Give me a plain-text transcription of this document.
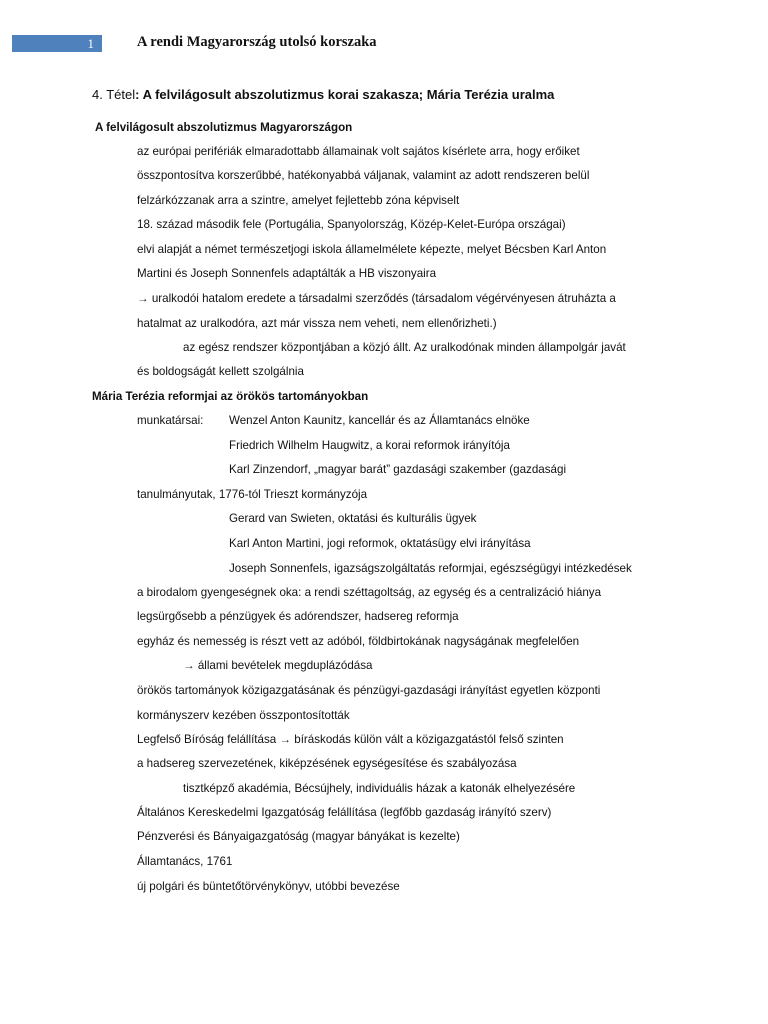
1	A rendi Magyarország utolsó korszaka
4. Tétel: A felvilágosult abszolutizmus korai szakasza; Mária Terézia uralma
A felvilágosult abszolutizmus Magyarországon
az európai perifériák elmaradottabb államainak volt sajátos kísérlete arra, hogy erőiket
összpontosítva korszerűbbé, hatékonyabbá váljanak, valamint az adott rendszeren belül
felzárkózzanak arra a szintre, amelyet fejlettebb zóna képviselt
18. század második fele (Portugália, Spanyolország, Közép-Kelet-Európa országai)
elvi alapját a német természetjogi iskola államelmélete képezte, melyet Bécsben Karl Anton
Martini és Joseph Sonnenfels adaptálták a HB viszonyaira
→ uralkodói hatalom eredete a társadalmi szerződés (társadalom végérvényesen átruházta a
hatalmat az uralkodóra, azt már vissza nem veheti, nem ellenőrizheti.)
az egész rendszer központjában a közjó állt. Az uralkodónak minden állampolgár javát
és boldogságát kellett szolgálnia
Mária Terézia reformjai az örökös tartományokban
munkatársai: Wenzel Anton Kaunitz, kancellár és az Államtanács elnöke
Friedrich Wilhelm Haugwitz, a korai reformok irányítója
Karl Zinzendorf, „magyar barát” gazdasági szakember (gazdasági
tanulmányutak, 1776-tól Trieszt kormányzója
Gerard van Swieten, oktatási és kulturális ügyek
Karl Anton Martini, jogi reformok, oktatásügy elvi irányítása
Joseph Sonnenfels, igazságszolgáltatás reformjai, egészségügyi intézkedések
a birodalom gyengeségnek oka: a rendi széttagoltság, az egység és a centralizáció hiánya
legsürgősebb a pénzügyek és adórendszer, hadsereg reformja
egyház és nemesség is részt vett az adóból, földbirtokának nagyságának megfelelően
→ állami bevételek megduplázódása
örökös tartományok közigazgatásának és pénzügyi-gazdasági irányítást egyetlen központi
kormányszerv kezében összpontosították
Legfelső Bíróság felállítása → bíráskodás külön vált a közigazgatástól felső szinten
a hadsereg szervezetének, kiképzésének egységesítése és szabályozása
tisztképző akadémia, Bécsújhely, individuális házak a katonák elhelyezésére
Általános Kereskedelmi Igazgatóság felállítása (legfőbb gazdaság irányító szerv)
Pénzverési és Bányaigazgatóság (magyar bányákat is kezelte)
Államtanács, 1761
új polgári és büntetőtörvénykönyv, utóbbi bevezése
